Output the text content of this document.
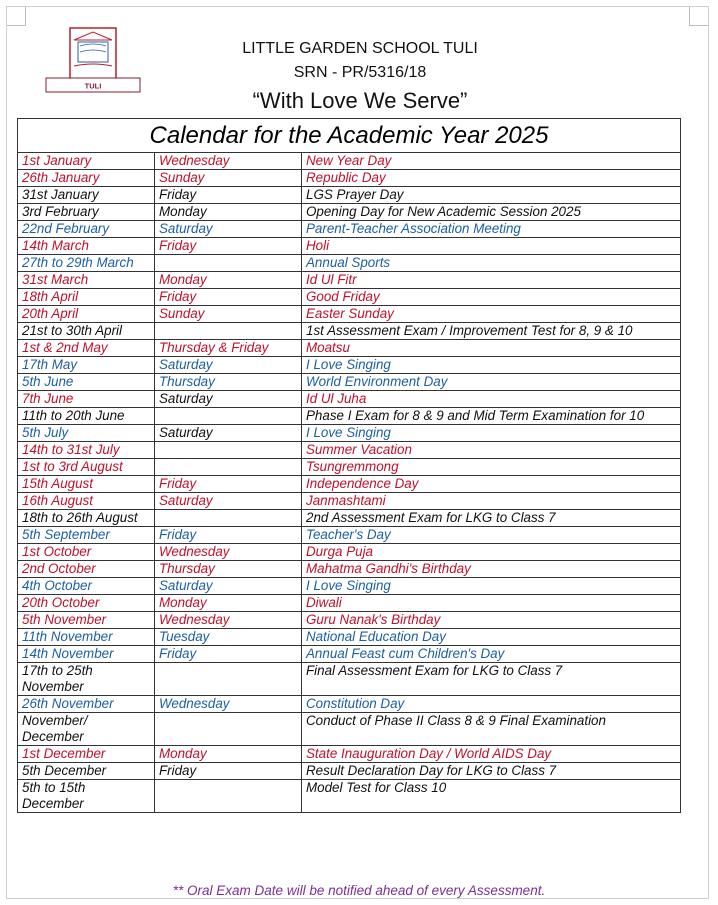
TULI
LITTLE GARDEN SCHOOL TULI
SRN - PR/5316/18
“With Love We Serve”
Calendar for the Academic Year 2025		
1st January	Wednesday	New Year Day
26th January	Sunday	Republic Day
31st January	Friday	LGS Prayer Day
3rd February	Monday	Opening Day for New Academic Session 2025
22nd February	Saturday	Parent-Teacher Association Meeting
14th March	Friday	Holi
27th to 29th March		Annual Sports
31st March	Monday	Id Ul Fitr
18th April	Friday	Good Friday
20th April	Sunday	Easter Sunday
21st to 30th April		1st Assessment Exam / Improvement Test for 8, 9 & 10
1st & 2nd May	Thursday & Friday	Moatsu
17th May	Saturday	I Love Singing
5th June	Thursday	World Environment Day
7th June	Saturday	Id Ul Juha
11th to 20th June		Phase I Exam for 8 & 9 and Mid Term Examination for 10
5th July	Saturday	I Love Singing
14th to 31st July		Summer Vacation
1st to 3rd August		Tsungremmong
15th August	Friday	Independence Day
16th August	Saturday	Janmashtami
18th to 26th August		2nd Assessment Exam for LKG to Class 7
5th September	Friday	Teacher's Day
1st October	Wednesday	Durga Puja
2nd October	Thursday	Mahatma Gandhi's Birthday
4th October	Saturday	I Love Singing
20th October	Monday	Diwali
5th November	Wednesday	Guru Nanak's Birthday
11th November	Tuesday	National Education Day
14th November	Friday	Annual Feast cum Children's Day
17th to 25th November		Final Assessment Exam for LKG to Class 7
26th November	Wednesday	Constitution Day
November/ December		Conduct of Phase II Class 8 & 9 Final Examination
1st December	Monday	State Inauguration Day / World AIDS Day
5th December	Friday	Result Declaration Day for LKG to Class 7
5th to 15th December		Model Test for Class 10
** Oral Exam Date will be notified ahead of every Assessment.
